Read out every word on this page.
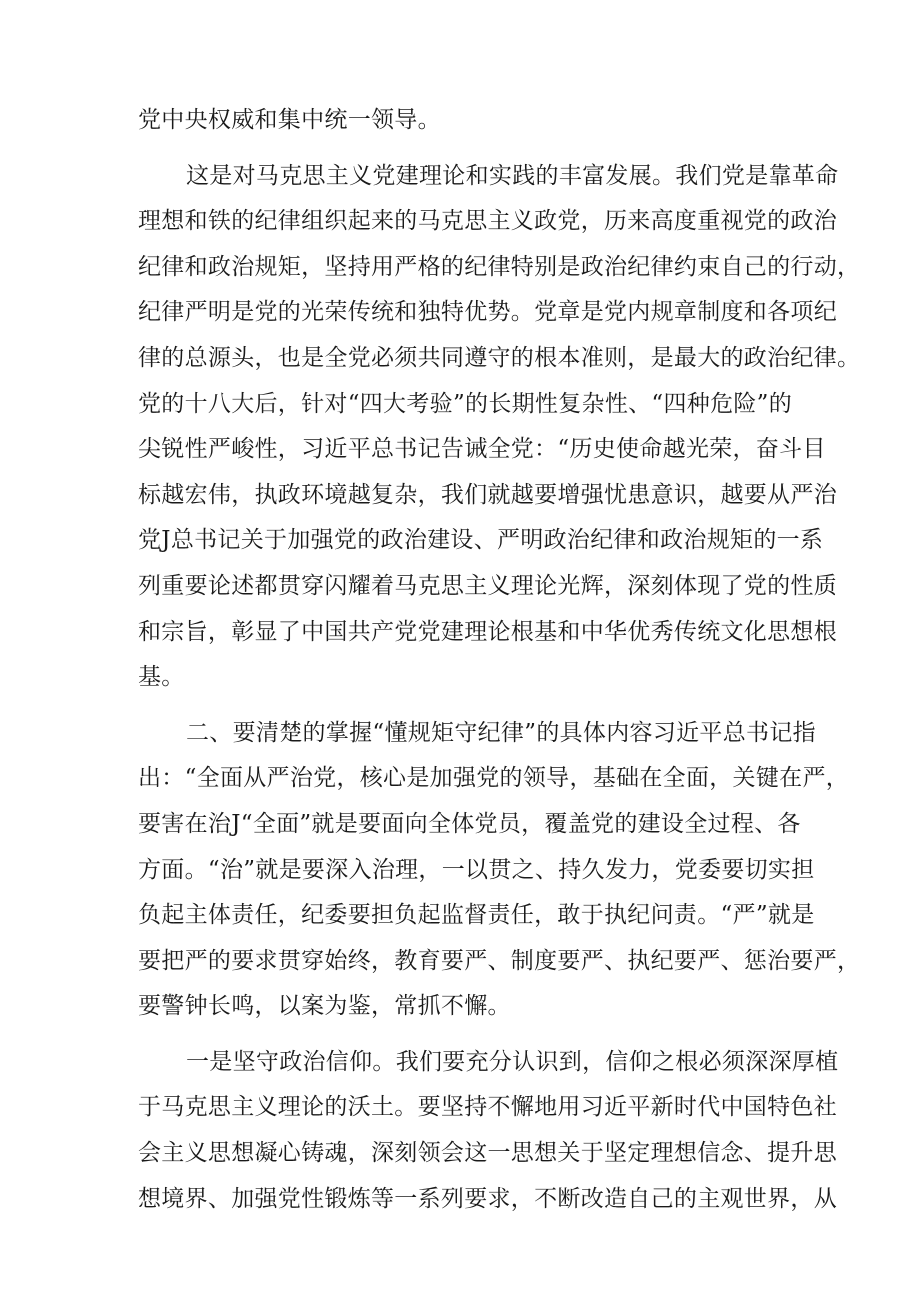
党中央权威和集中统一领导。
这是对马克思主义党建理论和实践的丰富发展。我们党是靠革命
理想和铁的纪律组织起来的马克思主义政党，历来高度重视党的政治
纪律和政治规矩，坚持用严格的纪律特别是政治纪律约束自己的行动，
纪律严明是党的光荣传统和独特优势。党章是党内规章制度和各项纪
律的总源头，也是全党必须共同遵守的根本准则，是最大的政治纪律。
党的十八大后，针对“四大考验”的长期性复杂性、“四种危险”的
尖锐性严峻性，习近平总书记告诫全党：“历史使命越光荣，奋斗目
标越宏伟，执政环境越复杂，我们就越要增强忧患意识，越要从严治
党J总书记关于加强党的政治建设、严明政治纪律和政治规矩的一系
列重要论述都贯穿闪耀着马克思主义理论光辉，深刻体现了党的性质
和宗旨，彰显了中国共产党党建理论根基和中华优秀传统文化思想根
基。
二、要清楚的掌握“懂规矩守纪律”的具体内容习近平总书记指
出：“全面从严治党，核心是加强党的领导，基础在全面，关键在严，
要害在治J“全面”就是要面向全体党员，覆盖党的建设全过程、各
方面。“治”就是要深入治理，一以贯之、持久发力，党委要切实担
负起主体责任，纪委要担负起监督责任，敢于执纪问责。“严”就是
要把严的要求贯穿始终，教育要严、制度要严、执纪要严、惩治要严，
要警钟长鸣，以案为鉴，常抓不懈。
一是坚守政治信仰。我们要充分认识到，信仰之根必须深深厚植
于马克思主义理论的沃土。要坚持不懈地用习近平新时代中国特色社
会主义思想凝心铸魂，深刻领会这一思想关于坚定理想信念、提升思
想境界、加强党性锻炼等一系列要求，不断改造自己的主观世界，从
